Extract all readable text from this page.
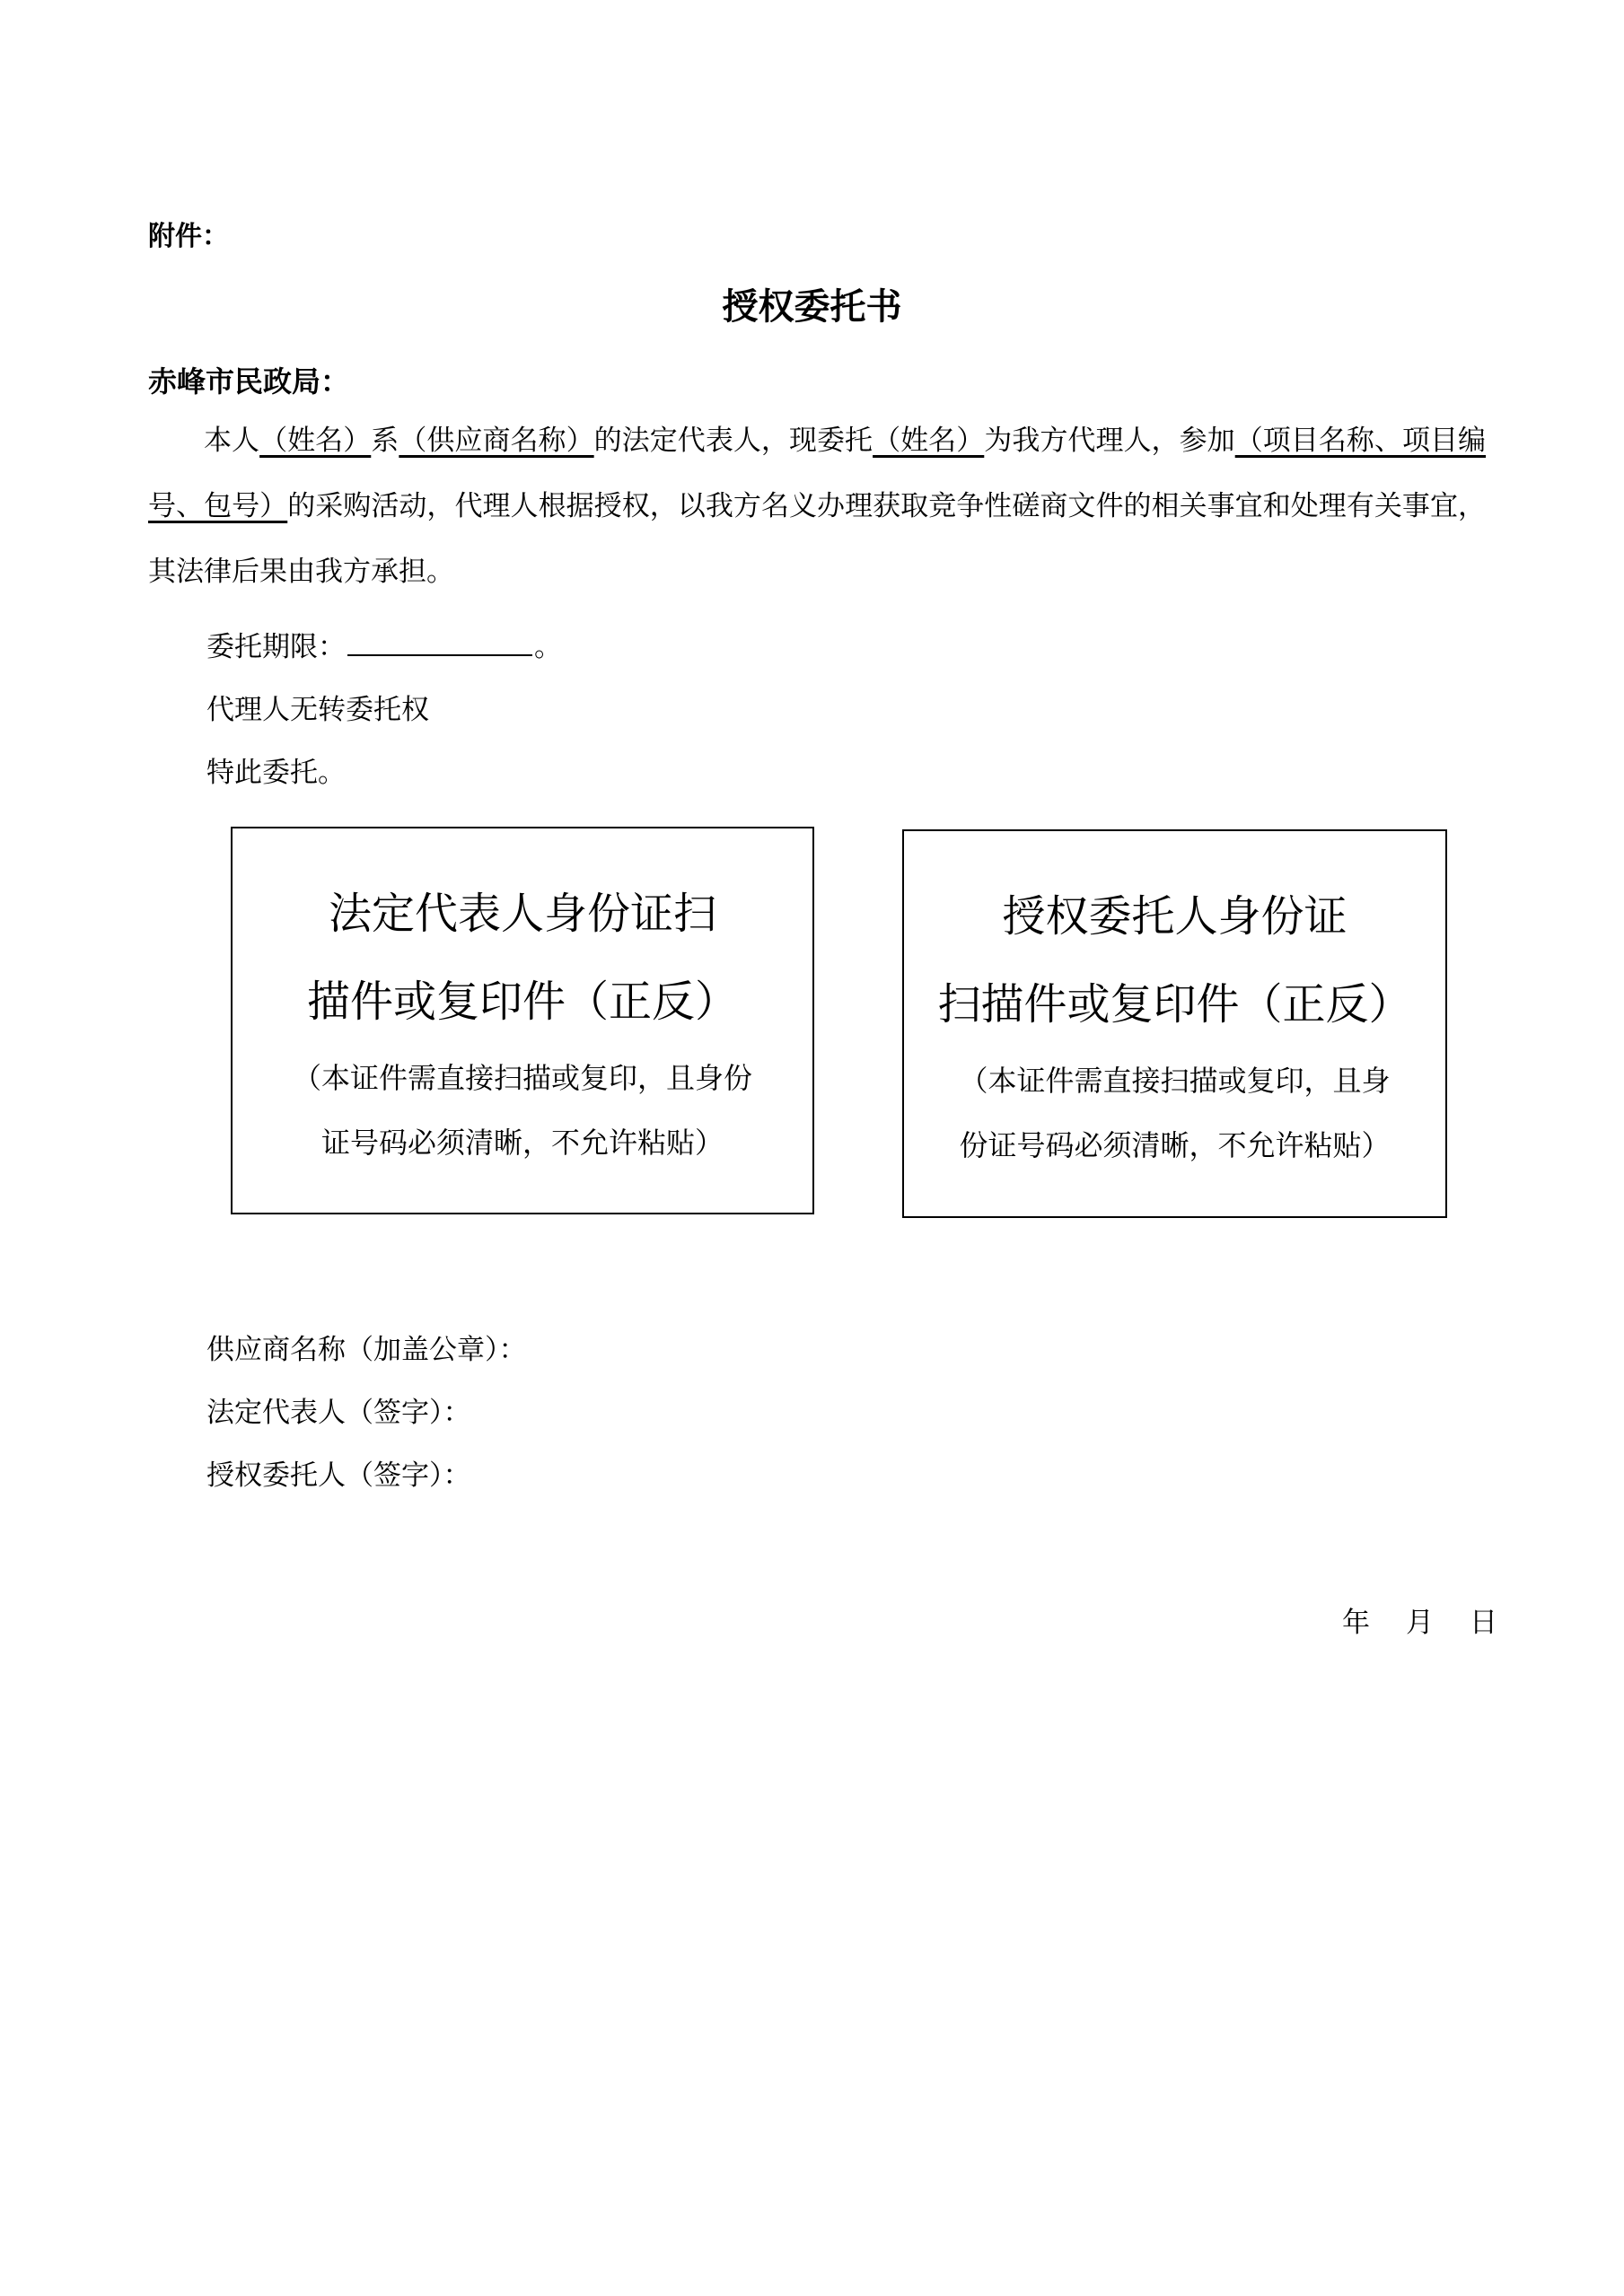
附件：
授权委托书
赤峰市民政局：
本人（姓名）系（供应商名称）的法定代表人，现委托（姓名）为我方代理人，参加（项目名称、项目编号、包号）的采购活动，代理人根据授权，以我方名义办理获取竞争性磋商文件的相关事宜和处理有关事宜，其法律后果由我方承担。
委托期限：	。
代理人无转委托权
特此委托。
法定代表人身份证扫
描件或复印件（正反）
（本证件需直接扫描或复印，且身份
证号码必须清晰，不允许粘贴）
授权委托人身份证
扫描件或复印件（正反）
（本证件需直接扫描或复印，且身
份证号码必须清晰，不允许粘贴）
供应商名称（加盖公章）：
法定代表人（签字）：
授权委托人（签字）：
年 月 日
